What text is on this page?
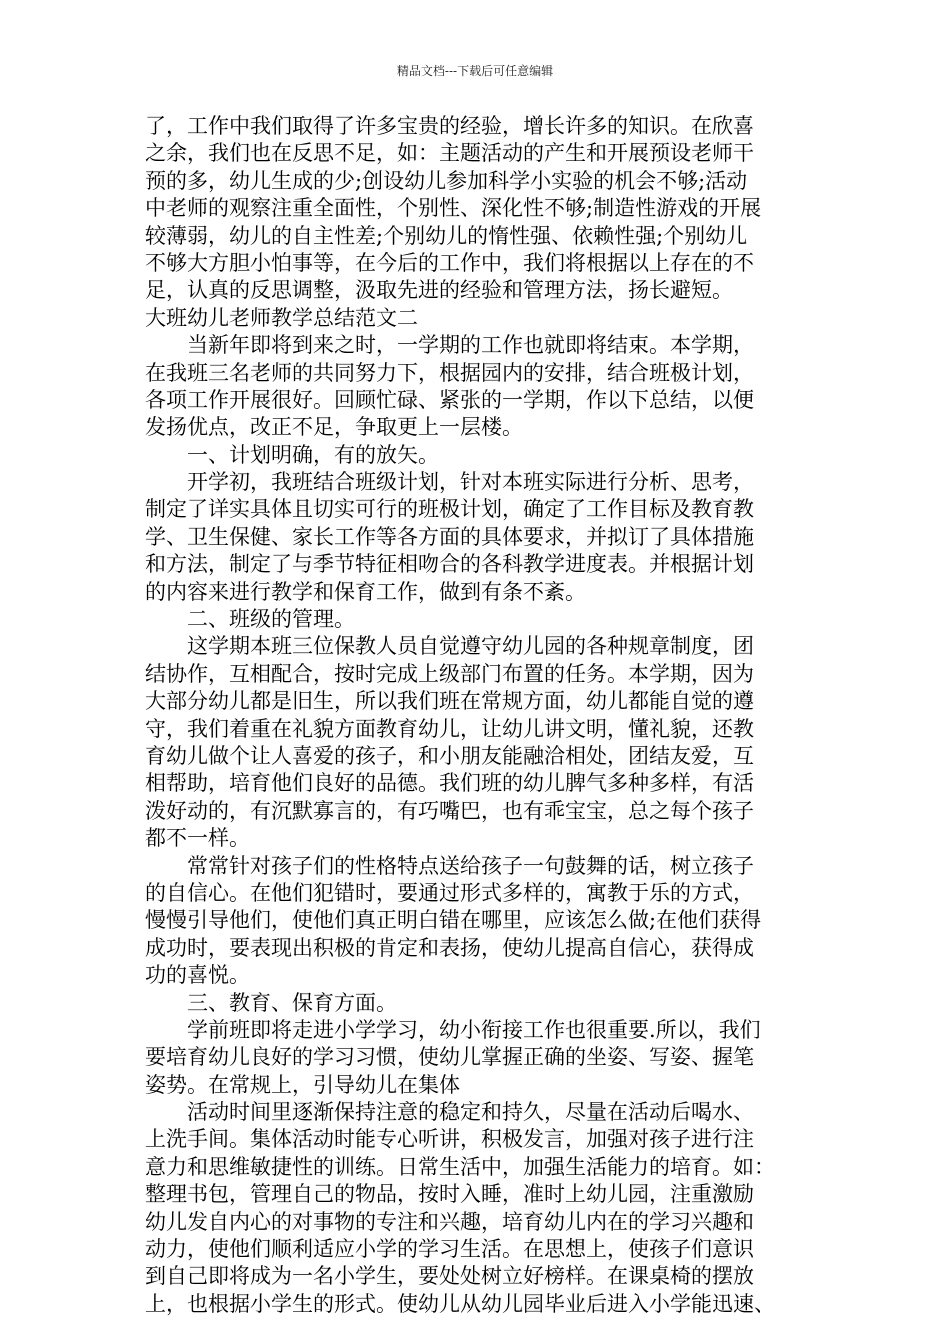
精品文档---下载后可任意编辑
了，工作中我们取得了许多宝贵的经验，增长许多的知识。在欣喜
之余，我们也在反思不足，如：主题活动的产生和开展预设老师干
预的多，幼儿生成的少;创设幼儿参加科学小实验的机会不够;活动
中老师的观察注重全面性，个别性、深化性不够;制造性游戏的开展
较薄弱，幼儿的自主性差;个别幼儿的惰性强、依赖性强;个别幼儿
不够大方胆小怕事等，在今后的工作中，我们将根据以上存在的不
足，认真的反思调整，汲取先进的经验和管理方法，扬长避短。
大班幼儿老师教学总结范文二
当新年即将到来之时，一学期的工作也就即将结束。本学期，
在我班三名老师的共同努力下，根据园内的安排，结合班极计划，
各项工作开展很好。回顾忙碌、紧张的一学期，作以下总结，以便
发扬优点，改正不足，争取更上一层楼。
一、计划明确，有的放矢。
开学初，我班结合班级计划，针对本班实际进行分析、思考，
制定了详实具体且切实可行的班极计划，确定了工作目标及教育教
学、卫生保健、家长工作等各方面的具体要求，并拟订了具体措施
和方法，制定了与季节特征相吻合的各科教学进度表。并根据计划
的内容来进行教学和保育工作，做到有条不紊。
二、班级的管理。
这学期本班三位保教人员自觉遵守幼儿园的各种规章制度，团
结协作，互相配合，按时完成上级部门布置的任务。本学期，因为
大部分幼儿都是旧生，所以我们班在常规方面，幼儿都能自觉的遵
守，我们着重在礼貌方面教育幼儿，让幼儿讲文明，懂礼貌，还教
育幼儿做个让人喜爱的孩子，和小朋友能融洽相处，团结友爱，互
相帮助，培育他们良好的品德。我们班的幼儿脾气多种多样，有活
泼好动的，有沉默寡言的，有巧嘴巴，也有乖宝宝，总之每个孩子
都不一样。
常常针对孩子们的性格特点送给孩子一句鼓舞的话，树立孩子
的自信心。在他们犯错时，要通过形式多样的，寓教于乐的方式，
慢慢引导他们，使他们真正明白错在哪里，应该怎么做;在他们获得
成功时，要表现出积极的肯定和表扬，使幼儿提高自信心，获得成
功的喜悦。
三、教育、保育方面。
学前班即将走进小学学习，幼小衔接工作也很重要.所以，我们
要培育幼儿良好的学习习惯，使幼儿掌握正确的坐姿、写姿、握笔
姿势。在常规上，引导幼儿在集体
活动时间里逐渐保持注意的稳定和持久，尽量在活动后喝水、
上洗手间。集体活动时能专心听讲，积极发言，加强对孩子进行注
意力和思维敏捷性的训练。日常生活中，加强生活能力的培育。如：
整理书包，管理自己的物品，按时入睡，准时上幼儿园，注重激励
幼儿发自内心的对事物的专注和兴趣，培育幼儿内在的学习兴趣和
动力，使他们顺利适应小学的学习生活。在思想上，使孩子们意识
到自己即将成为一名小学生，要处处树立好榜样。在课桌椅的摆放
上，也根据小学生的形式。使幼儿从幼儿园毕业后进入小学能迅速、
